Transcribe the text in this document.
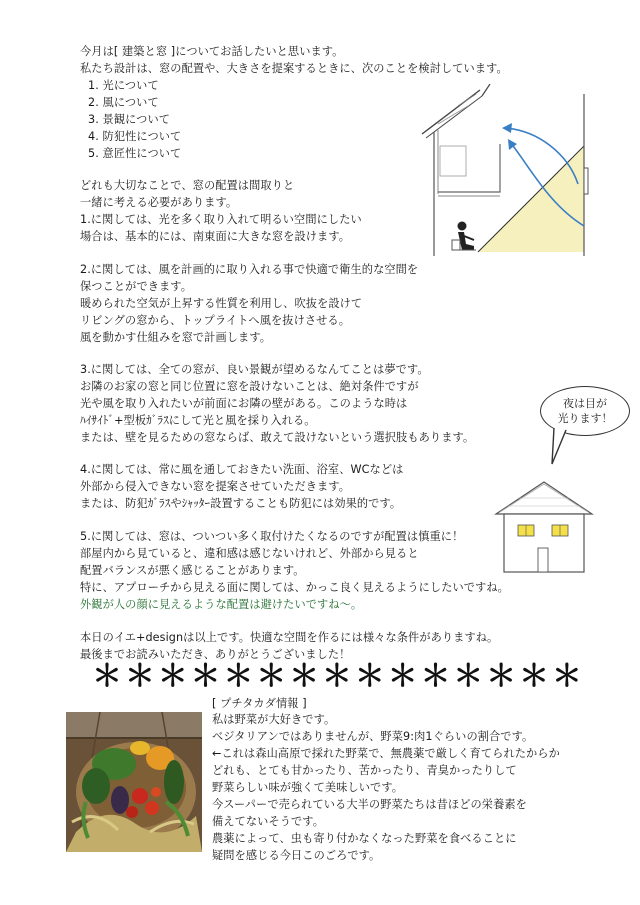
今月は[ 建築と窓 ]についてお話したいと思います。
私たち設計は、窓の配置や、大きさを提案するときに、次のことを検討しています。
1. 光について
2. 風について
3. 景観について
4. 防犯性について
5. 意匠性について
どれも大切なことで、窓の配置は間取りと
一緒に考える必要があります。
1.に関しては、光を多く取り入れて明るい空間にしたい
場合は、基本的には、南東面に大きな窓を設けます。
2.に関しては、風を計画的に取り入れる事で快適で衛生的な空間を
保つことができます。
暖められた空気が上昇する性質を利用し、吹抜を設けて
リビングの窓から、トップライトへ風を抜けさせる。
風を動かす仕組みを窓で計画します。
3.に関しては、全ての窓が、良い景観が望めるなんてことは夢です。
お隣のお家の窓と同じ位置に窓を設けないことは、絶対条件ですが
光や風を取り入れたいが前面にお隣の壁がある。このような時は
ﾊｲｻｲﾄﾞ+型板ｶﾞﾗｽにして光と風を採り入れる。
または、壁を見るための窓ならば、敢えて設けないという選択肢もあります。
4.に関しては、常に風を通しておきたい洗面、浴室、WCなどは
外部から侵入できない窓を提案させていただきます。
または、防犯ｶﾞﾗｽやｼｬｯﾀｰ設置することも防犯には効果的です。
5.に関しては、窓は、ついつい多く取付けたくなるのですが配置は慎重に！
部屋内から見ていると、違和感は感じないけれど、外部から見ると
配置バランスが悪く感じることがあります。
特に、アプローチから見える面に関しては、かっこ良く見えるようにしたいですね。
外観が人の顔に見えるような配置は避けたいですね～。
本日のイエ+designは以上です。快適な空間を作るには様々な条件がありますね。
最後までお読みいただき、ありがとうございました！
＊ ＊ ＊ ＊ ＊ ＊ ＊ ＊ ＊ ＊ ＊ ＊ ＊ ＊ ＊
[ プチタカダ情報 ]
私は野菜が大好きです。
ベジタリアンではありませんが、野菜9:肉1ぐらいの割合です。
←これは森山高原で採れた野菜で、無農薬で厳しく育てられたからか
どれも、とても甘かったり、苦かったり、青臭かったりして
野菜らしい味が強くて美味しいです。
今スーパーで売られている大半の野菜たちは昔ほどの栄養素を
備えてないそうです。
農薬によって、虫も寄り付かなくなった野菜を食べることに
疑問を感じる今日このごろです。
夜は目が
光ります！
